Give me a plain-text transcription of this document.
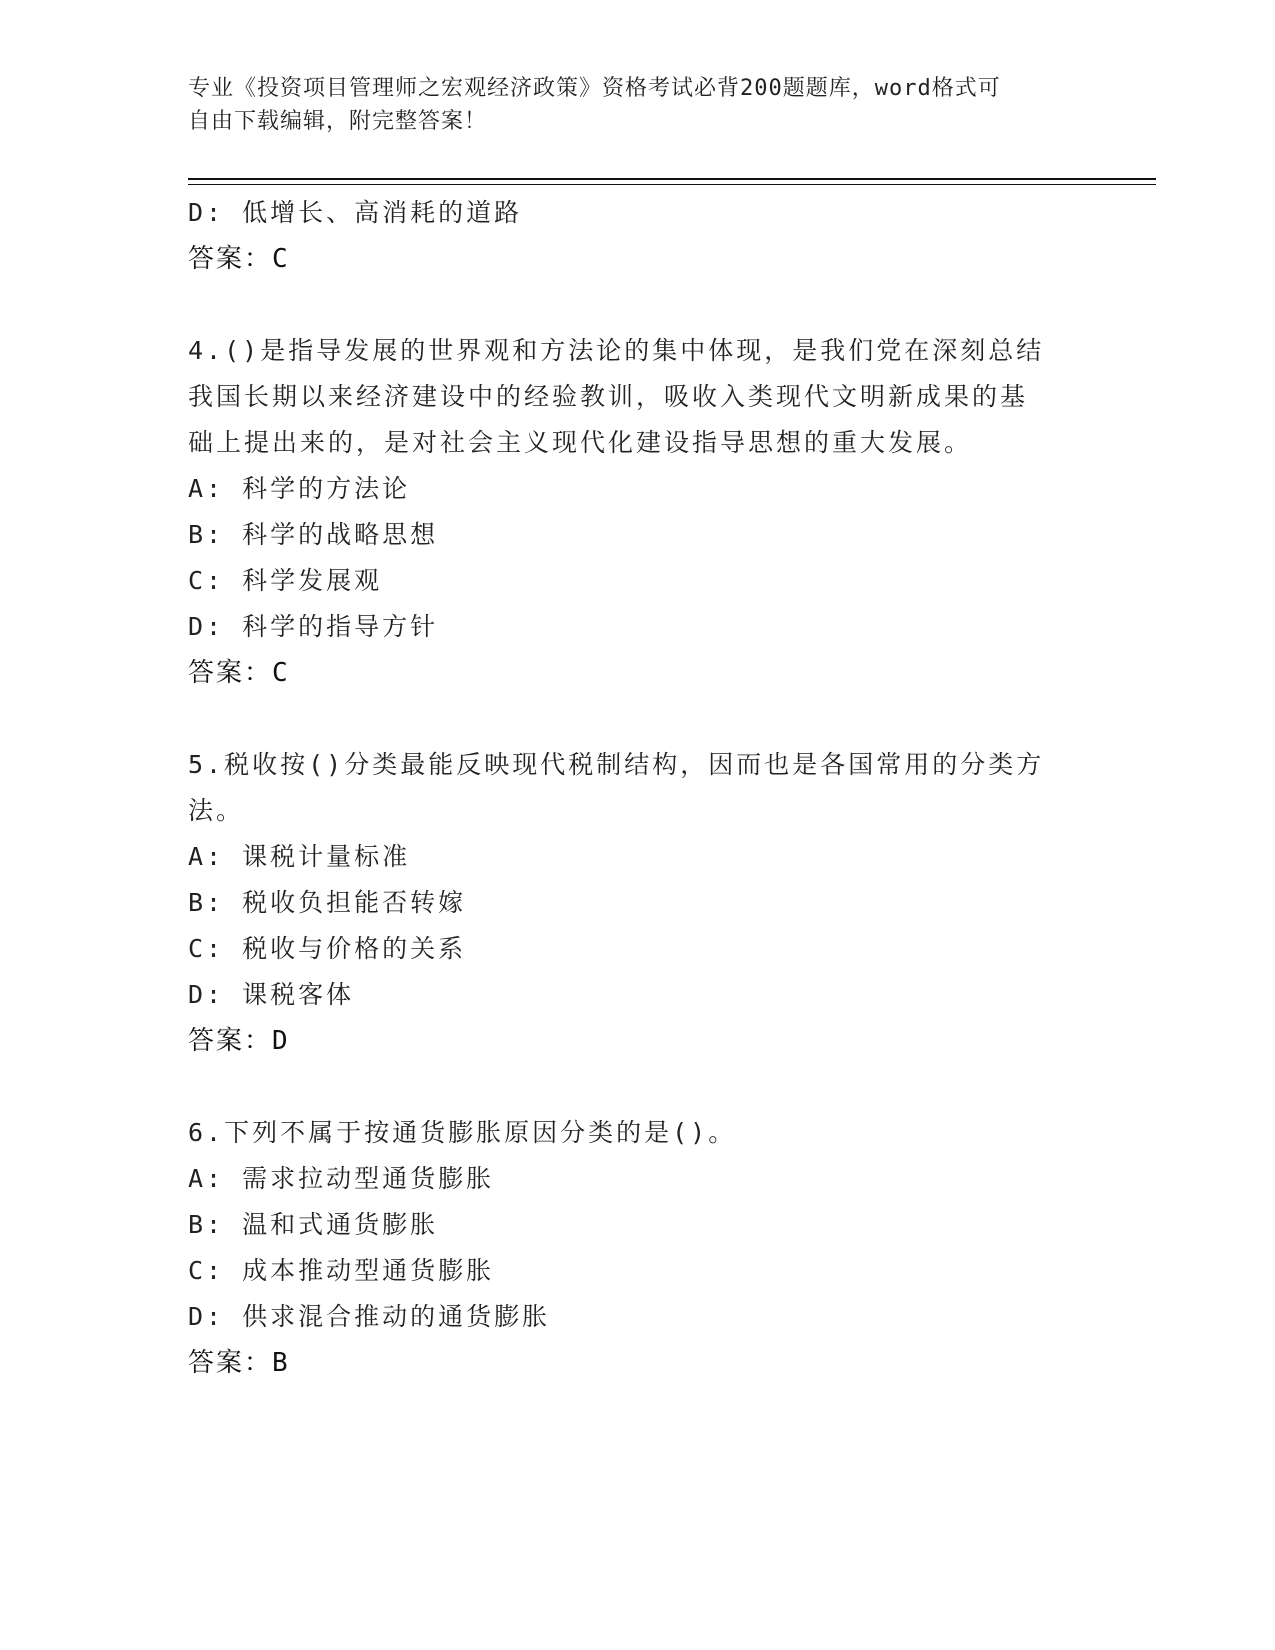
专业《投资项目管理师之宏观经济政策》资格考试必背200题题库，word格式可
自由下载编辑，附完整答案！
D: 低增长、高消耗的道路
答案：C
4.()是指导发展的世界观和方法论的集中体现，是我们党在深刻总结
我国长期以来经济建设中的经验教训，吸收入类现代文明新成果的基
础上提出来的，是对社会主义现代化建设指导思想的重大发展。
A: 科学的方法论
B: 科学的战略思想
C: 科学发展观
D: 科学的指导方针
答案：C
5.税收按()分类最能反映现代税制结构，因而也是各国常用的分类方
法。
A: 课税计量标准
B: 税收负担能否转嫁
C: 税收与价格的关系
D: 课税客体
答案：D
6.下列不属于按通货膨胀原因分类的是()。
A: 需求拉动型通货膨胀
B: 温和式通货膨胀
C: 成本推动型通货膨胀
D: 供求混合推动的通货膨胀
答案：B
